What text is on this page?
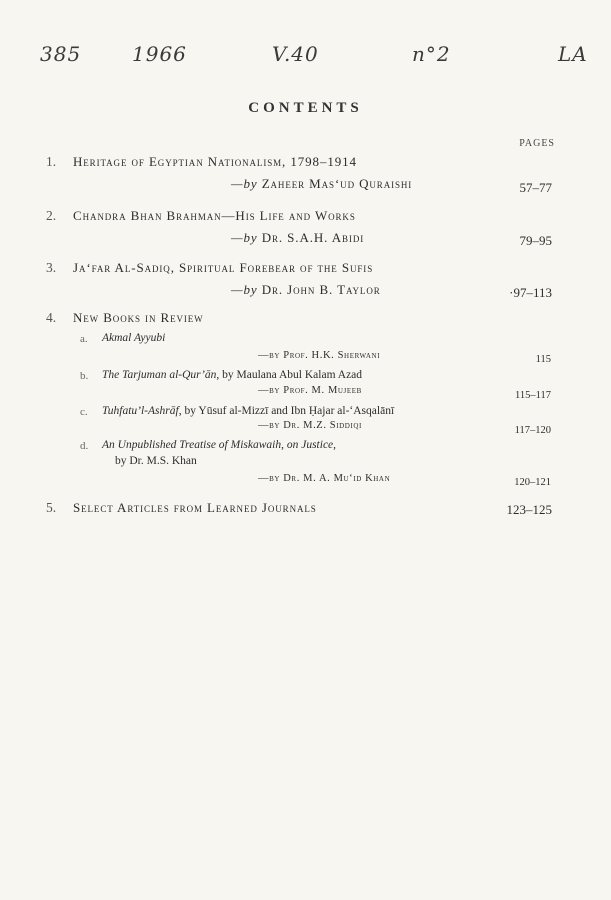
385	1966	V.40	n°2	LA
CONTENTS
PAGES
1. Heritage of Egyptian Nationalism, 1798–1914
—by Zaheer Mas‘ud Quraishi	57–77
2. Chandra Bhan Brahman—His Life and Works
—by Dr. S.A.H. Abidi	79–95
3. Ja‘far Al-Sadiq, Spiritual Forebear of the Sufis
—by Dr. John B. Taylor	·97–113
4. New Books in Review
a. Akmal Ayyubi
—by Prof. H.K. Sherwani	115
b. The Tarjuman al-Qur’ān, by Maulana Abul Kalam Azad
—by Prof. M. Mujeeb	115–117
c. Tuhfatu’l-Ashrāf, by Yūsuf al-Mizzī and Ibn Ḥajar al-‘Asqalānī
—by Dr. M.Z. Siddiqi	117–120
d. An Unpublished Treatise of Miskawaih, on Justice,
by Dr. M.S. Khan
—by Dr. M. A. Mu‘id Khan	120–121
5. Select Articles from Learned Journals	123–125
